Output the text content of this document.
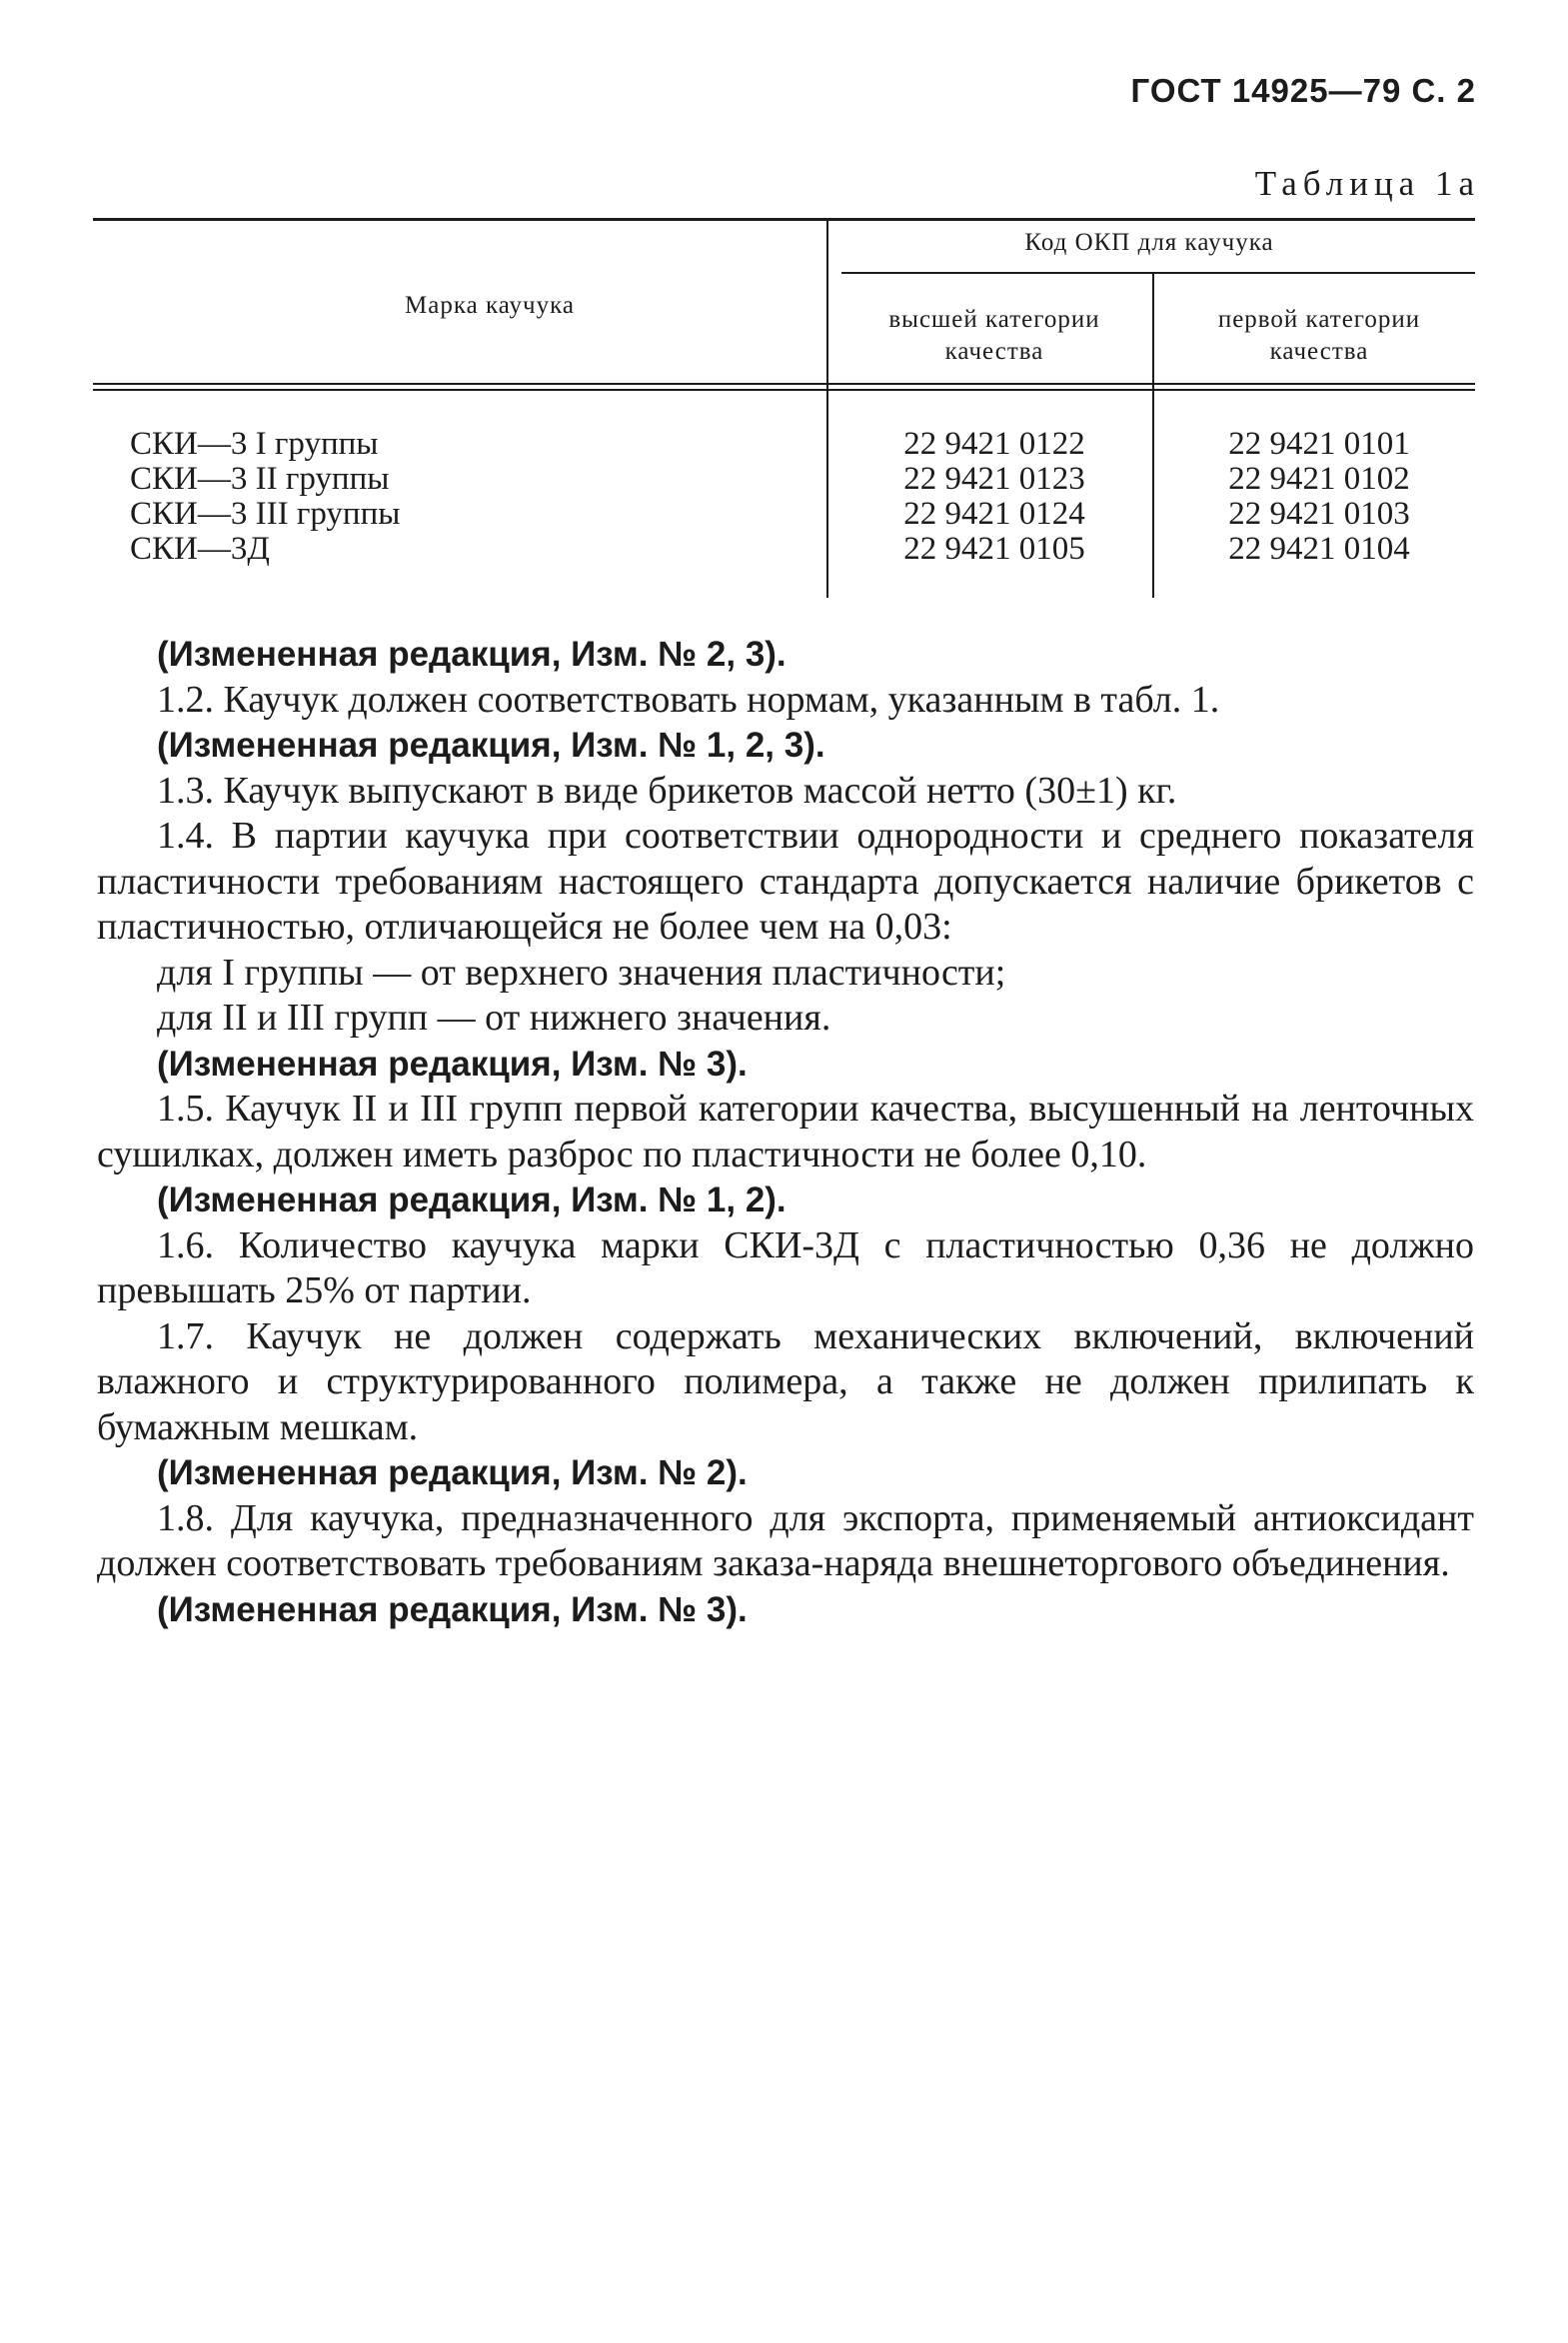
ГОСТ 14925—79 С. 2
Таблица 1а
Марка каучука
Код ОКП для каучука
высшей категории
качества
первой категории
качества
СКИ—3 I группы
СКИ—3 II группы
СКИ—3 III группы
СКИ—3Д
22 9421 0122
22 9421 0123
22 9421 0124
22 9421 0105
22 9421 0101
22 9421 0102
22 9421 0103
22 9421 0104

(Измененная редакция, Изм. № 2, 3).

1.2. Каучук должен соответствовать нормам, указанным в табл. 1.

(Измененная редакция, Изм. № 1, 2, 3).

1.3. Каучук выпускают в виде брикетов массой нетто (30±1) кг.

1.4. В партии каучука при соответствии однородности и среднего показателя пластичности требованиям настоящего стандарта допускается наличие брикетов с пластичностью, отличающейся не более чем на 0,03:

для I группы — от верхнего значения пластичности;

для II и III групп — от нижнего значения.

(Измененная редакция, Изм. № 3).

1.5. Каучук II и III групп первой категории качества, высушенный на ленточных сушилках, должен иметь разброс по пластичности не более 0,10.

(Измененная редакция, Изм. № 1, 2).

1.6. Количество каучука марки СКИ-3Д с пластичностью 0,36 не должно превышать 25% от партии.

1.7. Каучук не должен содержать механических включений, включений влажного и структурированного полимера, а также не должен прилипать к бумажным мешкам.

(Измененная редакция, Изм. № 2).

1.8. Для каучука, предназначенного для экспорта, применяемый антиоксидант должен соответствовать требованиям заказа-наряда внешнеторгового объединения.

(Измененная редакция, Изм. № 3).
